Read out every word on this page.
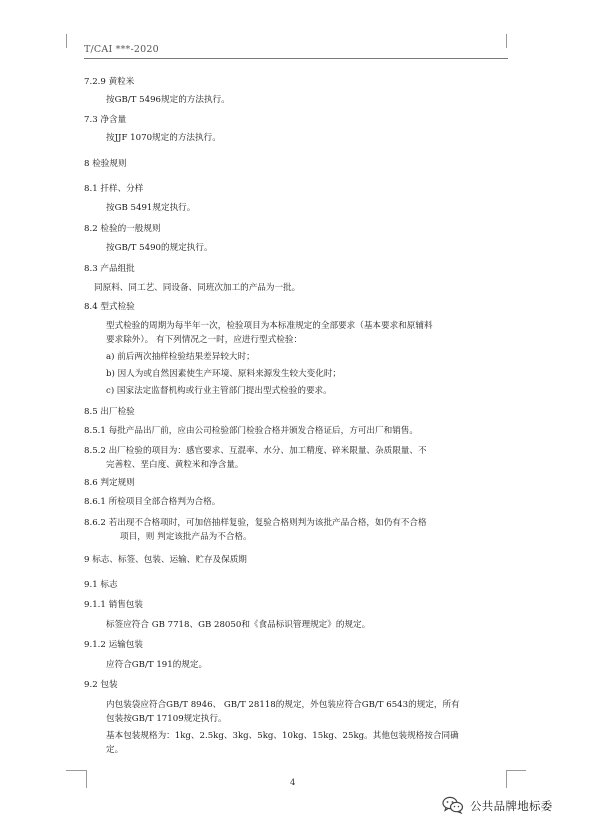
T/CAI ***-2020
7.2.9 黄粒米
按GB/T 5496规定的方法执行。
7.3 净含量
按JJF 1070规定的方法执行。
8 检验规则
8.1 扦样、分样
按GB 5491规定执行。
8.2 检验的一般规则
按GB/T 5490的规定执行。
8.3 产品组批
同原料、同工艺、同设备、同班次加工的产品为一批。
8.4 型式检验
型式检验的周期为每半年一次，检验项目为本标准规定的全部要求（基本要求和原辅料
要求除外）。 有下列情况之一时，应进行型式检验：
a) 前后两次抽样检验结果差异较大时；
b) 因人为或自然因素使生产环境、原料来源发生较大变化时；
c) 国家法定监督机构或行业主管部门提出型式检验的要求。
8.5 出厂检验
8.5.1 每批产品出厂前，应由公司检验部门检验合格并颁发合格证后，方可出厂和销售。
8.5.2 出厂检验的项目为：感官要求、互混率、水分、加工精度、碎米限量、杂质限量、不
完善粒、垩白度、黄粒米和净含量。
8.6 判定规则
8.6.1 所检项目全部合格判为合格。
8.6.2 若出现不合格项时，可加倍抽样复验，复验合格则判为该批产品合格，如仍有不合格
项目，则 判定该批产品为不合格。
9 标志、标签、包装、运输、贮存及保质期
9.1 标志
9.1.1 销售包装
标签应符合 GB 7718、GB 28050和《食品标识管理规定》的规定。
9.1.2 运输包装
应符合GB/T 191的规定。
9.2 包装
内包装袋应符合GB/T 8946、 GB/T 28118的规定，外包装应符合GB/T 6543的规定，所有
包装按GB/T 17109规定执行。
基本包装规格为：1kg、2.5kg、3kg、5kg、10kg、15kg、25kg。其他包装规格按合同确
定。
4
公共品牌地标委
